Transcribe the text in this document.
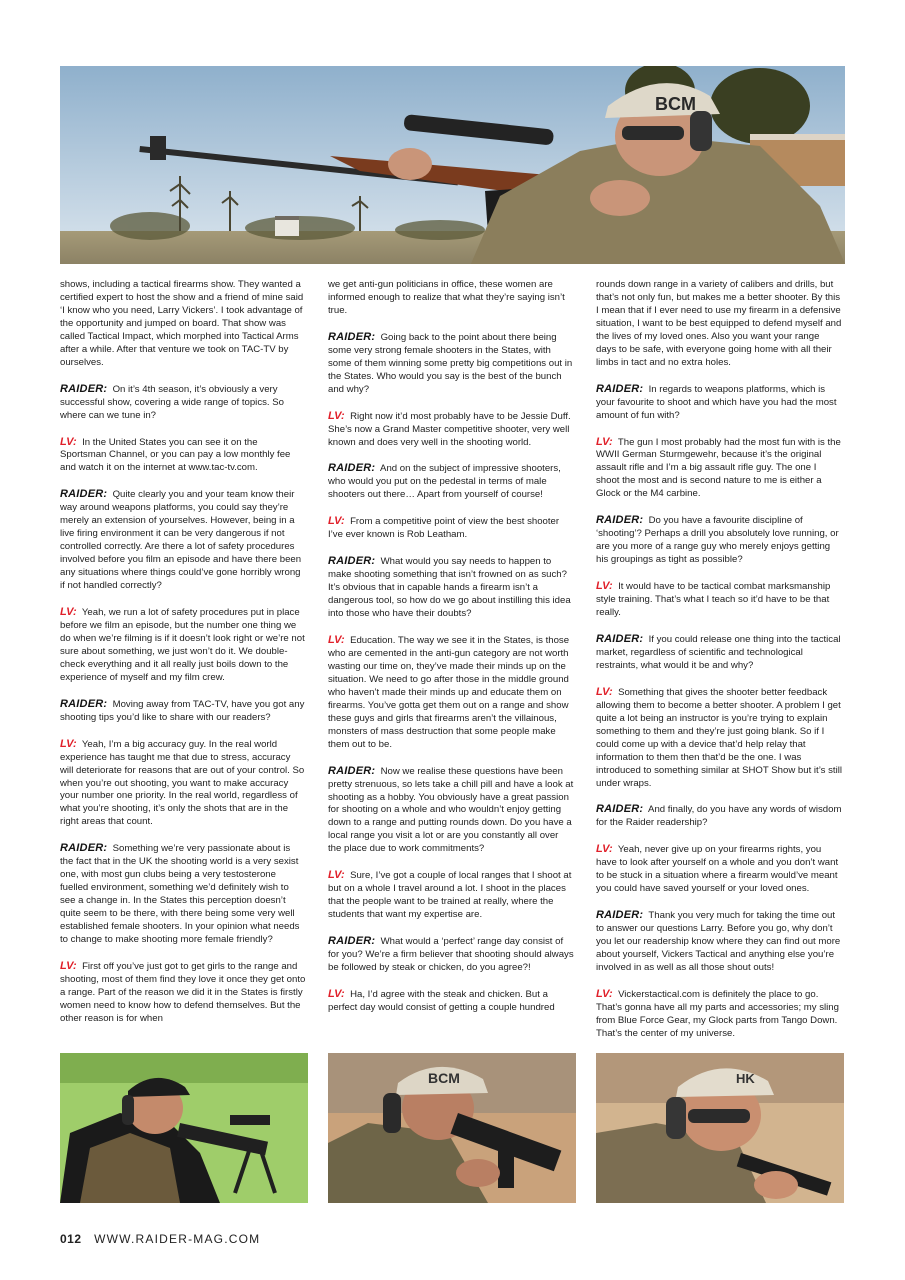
BCM

shows, including a tactical firearms show. They wanted a certified expert to host the show and a friend of mine said ‘I know who you need, Larry Vickers’. I took advantage of the opportunity and jumped on board. That show was called Tactical Impact, which morphed into Tactical Arms after a while. After that venture we took on TAC-TV by ourselves.

RAIDER: On it’s 4th season, it’s obviously a very successful show, covering a wide range of topics. So where can we tune in?

LV: In the United States you can see it on the Sportsman Channel, or you can pay a low monthly fee and watch it on the internet at www.tac-tv.com.

RAIDER: Quite clearly you and your team know their way around weapons platforms, you could say they’re merely an extension of yourselves. However, being in a live firing environment it can be very dangerous if not controlled correctly. Are there a lot of safety procedures involved before you film an episode and have there been any situations where things could’ve gone horribly wrong if not handled correctly?

LV: Yeah, we run a lot of safety procedures put in place before we film an episode, but the number one thing we do when we’re filming is if it doesn’t look right or we’re not sure about something, we just won’t do it. We double-check everything and it all really just boils down to the experience of myself and my film crew.

RAIDER: Moving away from TAC-TV, have you got any shooting tips you’d like to share with our readers?

LV: Yeah, I’m a big accuracy guy. In the real world experience has taught me that due to stress, accuracy will deteriorate for reasons that are out of your control. So when you’re out shooting, you want to make accuracy your number one priority. In the real world, regardless of what you’re shooting, it’s only the shots that are in the right areas that count.

RAIDER: Something we’re very passionate about is the fact that in the UK the shooting world is a very sexist one, with most gun clubs being a very testosterone fuelled environment, something we’d definitely wish to see a change in. In the States this perception doesn’t quite seem to be there, with there being some very well established female shooters. In your opinion what needs to change to make shooting more female friendly?

LV: First off you’ve just got to get girls to the range and shooting, most of them find they love it once they get onto a range. Part of the reason we did it in the States is firstly women need to know how to defend themselves. But the other reason is for when

we get anti-gun politicians in office, these women are informed enough to realize that what they’re saying isn’t true.

RAIDER: Going back to the point about there being some very strong female shooters in the States, with some of them winning some pretty big competitions out in the States. Who would you say is the best of the bunch and why?

LV: Right now it’d most probably have to be Jessie Duff. She’s now a Grand Master competitive shooter, very well known and does very well in the shooting world.

RAIDER: And on the subject of impressive shooters, who would you put on the pedestal in terms of male shooters out there… Apart from yourself of course!

LV: From a competitive point of view the best shooter I’ve ever known is Rob Leatham.

RAIDER: What would you say needs to happen to make shooting something that isn’t frowned on as such? It’s obvious that in capable hands a firearm isn’t a dangerous tool, so how do we go about instilling this idea into those who have their doubts?

LV: Education. The way we see it in the States, is those who are cemented in the anti-gun category are not worth wasting our time on, they’ve made their minds up on the situation. We need to go after those in the middle ground who haven’t made their minds up and educate them on firearms. You’ve gotta get them out on a range and show these guys and girls that firearms aren’t the villainous, monsters of mass destruction that some people make them out to be.

RAIDER: Now we realise these questions have been pretty strenuous, so lets take a chill pill and have a look at shooting as a hobby. You obviously have a great passion for shooting on a whole and who wouldn’t enjoy getting down to a range and putting rounds down. Do you have a local range you visit a lot or are you constantly all over the place due to work commitments?

LV: Sure, I’ve got a couple of local ranges that I shoot at but on a whole I travel around a lot. I shoot in the places that the people want to be trained at really, where the students that want my expertise are.

RAIDER: What would a ‘perfect’ range day consist of for you? We’re a firm believer that shooting should always be followed by steak or chicken, do you agree?!

LV: Ha, I’d agree with the steak and chicken. But a perfect day would consist of getting a couple hundred

rounds down range in a variety of calibers and drills, but that’s not only fun, but makes me a better shooter. By this I mean that if I ever need to use my firearm in a defensive situation, I want to be best equipped to defend myself and the lives of my loved ones. Also you want your range days to be safe, with everyone going home with all their limbs in tact and no extra holes.

RAIDER: In regards to weapons platforms, which is your favourite to shoot and which have you had the most amount of fun with?

LV: The gun I most probably had the most fun with is the WWII German Sturmgewehr, because it’s the original assault rifle and I’m a big assault rifle guy. The one I shoot the most and is second nature to me is either a Glock or the M4 carbine.

RAIDER: Do you have a favourite discipline of ‘shooting’? Perhaps a drill you absolutely love running, or are you more of a range guy who merely enjoys getting his groupings as tight as possible?

LV: It would have to be tactical combat marksmanship style training. That’s what I teach so it’d have to be that really.

RAIDER: If you could release one thing into the tactical market, regardless of scientific and technological restraints, what would it be and why?

LV: Something that gives the shooter better feedback allowing them to become a better shooter. A problem I get quite a lot being an instructor is you’re trying to explain something to them and they’re just going blank. So if I could come up with a device that’d help relay that information to them then that’d be the one. I was introduced to something similar at SHOT Show but it’s still under wraps.

RAIDER: And finally, do you have any words of wisdom for the Raider readership?

LV: Yeah, never give up on your firearms rights, you have to look after yourself on a whole and you don’t want to be stuck in a situation where a firearm would’ve meant you could have saved yourself or your loved ones.

RAIDER: Thank you very much for taking the time out to answer our questions Larry. Before you go, why don’t you let our readership know where they can find out more about yourself, Vickers Tactical and anything else you’re involved in as well as all those shout outs!

LV: Vickerstactical.com is definitely the place to go. That’s gonna have all my parts and accessories; my sling from Blue Force Gear, my Glock parts from Tango Down. That’s the center of my universe.

BCM	HK
012 WWW.RAIDER-MAG.COM
